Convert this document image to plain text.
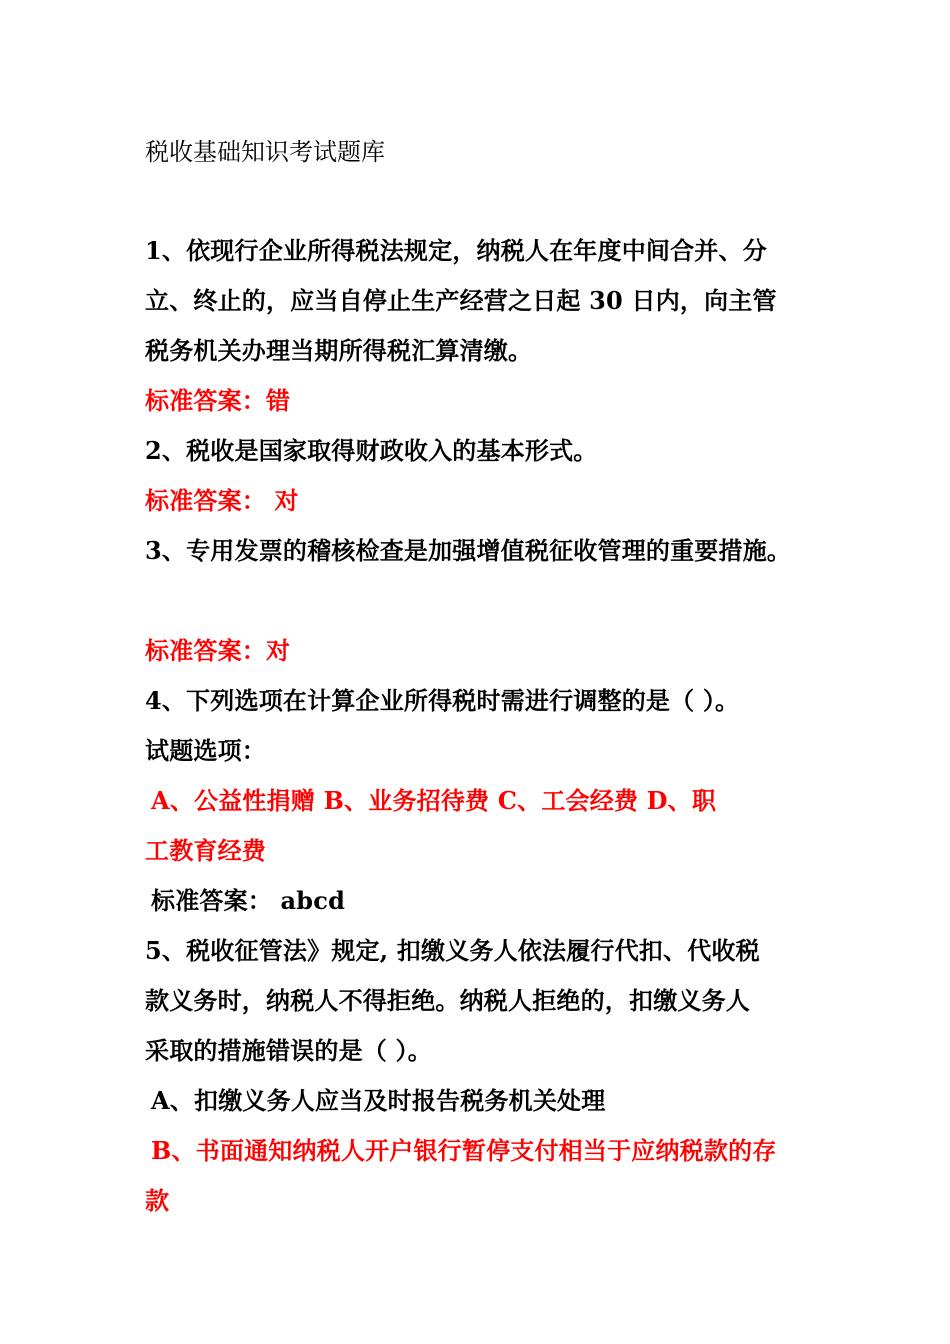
税收基础知识考试题库
1、依现行企业所得税法规定，纳税人在年度中间合并、分
立、终止的，应当自停止生产经营之日起 30 日内，向主管
税务机关办理当期所得税汇算清缴。
标准答案：错
2、税收是国家取得财政收入的基本形式。
标准答案： 对
3、专用发票的稽核检查是加强增值税征收管理的重要措施。
标准答案：对
4、下列选项在计算企业所得税时需进行调整的是（ ）。
试题选项：
A、公益性捐赠 B、业务招待费 C、工会经费 D、职
工教育经费
标准答案： abcd
5、税收征管法》规定, 扣缴义务人依法履行代扣、代收税
款义务时，纳税人不得拒绝。纳税人拒绝的，扣缴义务人
采取的措施错误的是（ ）。
A、扣缴义务人应当及时报告税务机关处理
B、书面通知纳税人开户银行暂停支付相当于应纳税款的存
款
